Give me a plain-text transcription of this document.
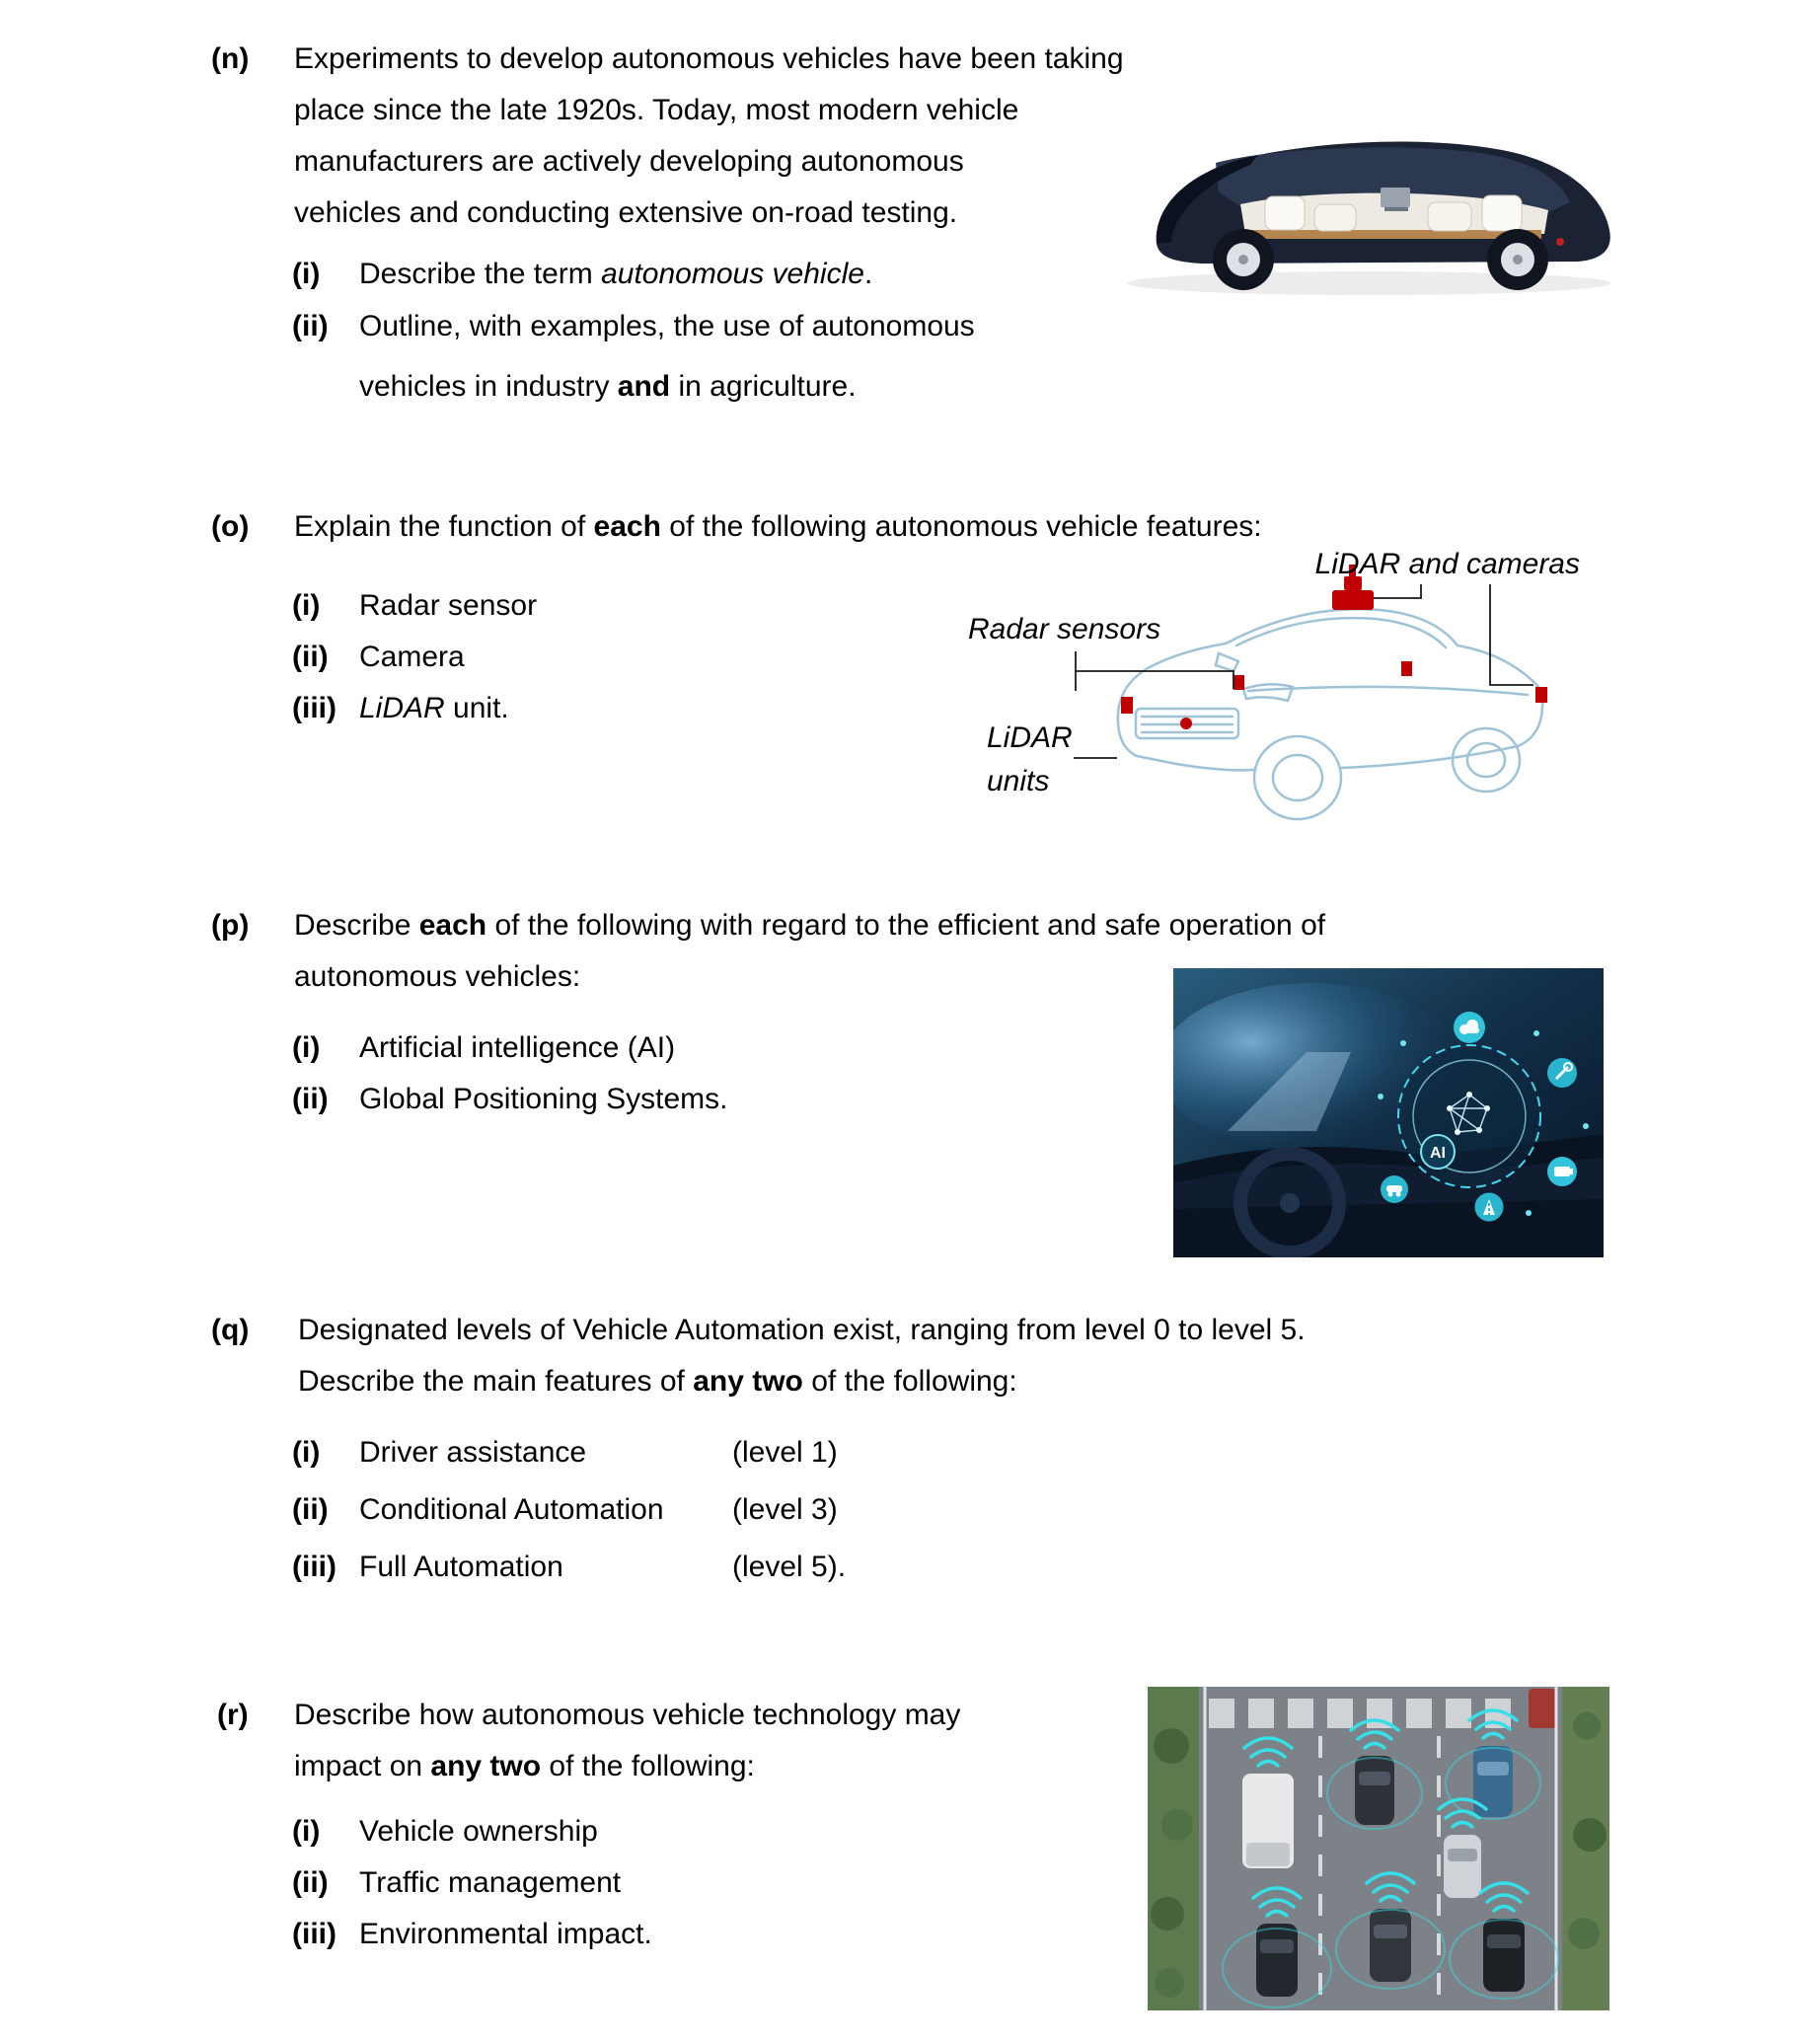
(n) Experiments to develop autonomous vehicles have been taking
place since the late 1920s. Today, most modern vehicle
manufacturers are actively developing autonomous
vehicles and conducting extensive on-road testing.
(i) Describe the term autonomous vehicle.
(ii) Outline, with examples, the use of autonomous
vehicles in industry and in agriculture.
(o) Explain the function of each of the following autonomous vehicle features:
(i) Radar sensor
(ii) Camera
(iii) LiDAR unit.
LiDAR and cameras
Radar sensors
LiDAR
units
(p) Describe each of the following with regard to the efficient and safe operation of
autonomous vehicles:
(i) Artificial intelligence (AI)
(ii) Global Positioning Systems.
AI
(q) Designated levels of Vehicle Automation exist, ranging from level 0 to level 5.
Describe the main features of any two of the following:
(i) Driver assistance	(level 1)
(ii) Conditional Automation (level 3)
(iii) Full Automation	(level 5).
(r) Describe how autonomous vehicle technology may
impact on any two of the following:
(i) Vehicle ownership
(ii) Traffic management
(iii) Environmental impact.
